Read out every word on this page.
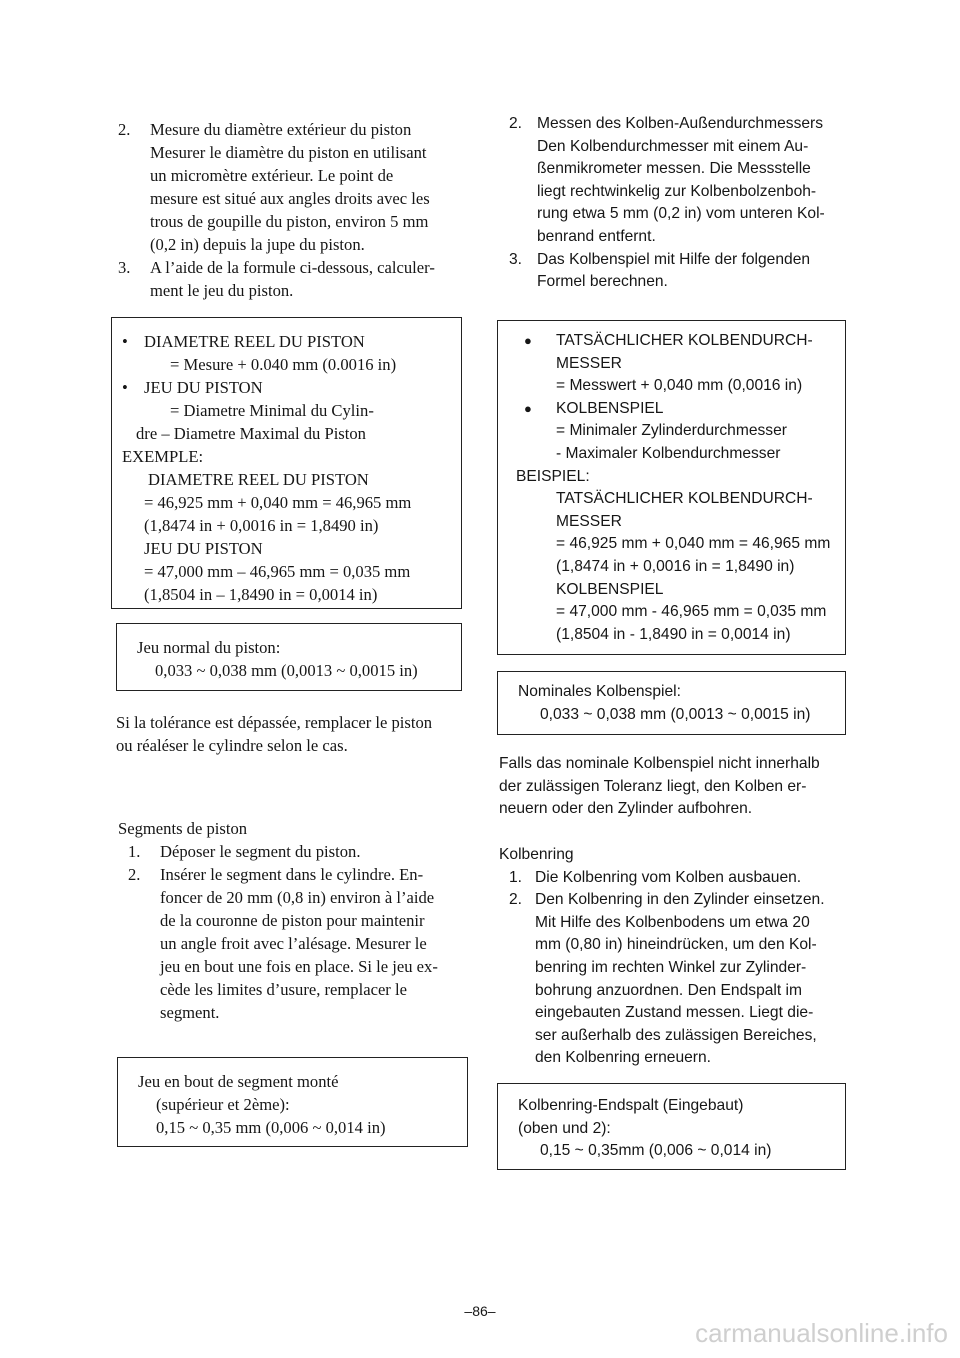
2. Mesure du diamètre extérieur du piston
Mesurer le diamètre du piston en utilisant
un micromètre extérieur. Le point de
mesure est situé aux angles droits avec les
trous de goupille du piston, environ 5 mm
(0,2 in) depuis la jupe du piston.
3. A l’aide de la formule ci-dessous, calculer-
ment le jeu du piston.
• DIAMETRE REEL DU PISTON
= Mesure + 0.040 mm (0.0016 in)
• JEU DU PISTON
= Diametre Minimal du Cylin-
dre – Diametre Maximal du Piston
EXEMPLE:
DIAMETRE REEL DU PISTON
= 46,925 mm + 0,040 mm = 46,965 mm
(1,8474 in + 0,0016 in = 1,8490 in)
JEU DU PISTON
= 47,000 mm – 46,965 mm = 0,035 mm
(1,8504 in – 1,8490 in = 0,0014 in)
Jeu normal du piston:
0,033 ~ 0,038 mm (0,0013 ~ 0,0015 in)
Si la tolérance est dépassée, remplacer le piston
ou réaléser le cylindre selon le cas.
Segments de piston
1. Déposer le segment du piston.
2. Insérer le segment dans le cylindre. En-
foncer de 20 mm (0,8 in) environ à l’aide
de la couronne de piston pour maintenir
un angle froit avec l’alésage. Mesurer le
jeu en bout une fois en place. Si le jeu ex-
cède les limites d’usure, remplacer le
segment.
Jeu en bout de segment monté
(supérieur et 2ème):
0,15 ~ 0,35 mm (0,006 ~ 0,014 in)
2. Messen des Kolben-Außendurchmessers
Den Kolbendurchmesser mit einem Au-
ßenmikrometer messen. Die Messstelle
liegt rechtwinkelig zur Kolbenbolzenboh-
rung etwa 5 mm (0,2 in) vom unteren Kol-
benrand entfernt.
3. Das Kolbenspiel mit Hilfe der folgenden
Formel berechnen.
● TATSÄCHLICHER KOLBENDURCH-
MESSER
= Messwert + 0,040 mm (0,0016 in)
● KOLBENSPIEL
= Minimaler Zylinderdurchmesser
- Maximaler Kolbendurchmesser
BEISPIEL:
TATSÄCHLICHER KOLBENDURCH-
MESSER
= 46,925 mm + 0,040 mm = 46,965 mm
(1,8474 in + 0,0016 in = 1,8490 in)
KOLBENSPIEL
= 47,000 mm - 46,965 mm = 0,035 mm
(1,8504 in - 1,8490 in = 0,0014 in)
Nominales Kolbenspiel:
0,033 ~ 0,038 mm (0,0013 ~ 0,0015 in)
Falls das nominale Kolbenspiel nicht innerhalb
der zulässigen Toleranz liegt, den Kolben er-
neuern oder den Zylinder aufbohren.
Kolbenring
1. Die Kolbenring vom Kolben ausbauen.
2. Den Kolbenring in den Zylinder einsetzen.
Mit Hilfe des Kolbenbodens um etwa 20
mm (0,80 in) hineindrücken, um den Kol-
benring im rechten Winkel zur Zylinder-
bohrung anzuordnen. Den Endspalt im
eingebauten Zustand messen. Liegt die-
ser außerhalb des zulässigen Bereiches,
den Kolbenring erneuern.
Kolbenring-Endspalt (Eingebaut)
(oben und 2):
0,15 ~ 0,35mm (0,006 ~ 0,014 in)
–86–
carmanualsonline.info
